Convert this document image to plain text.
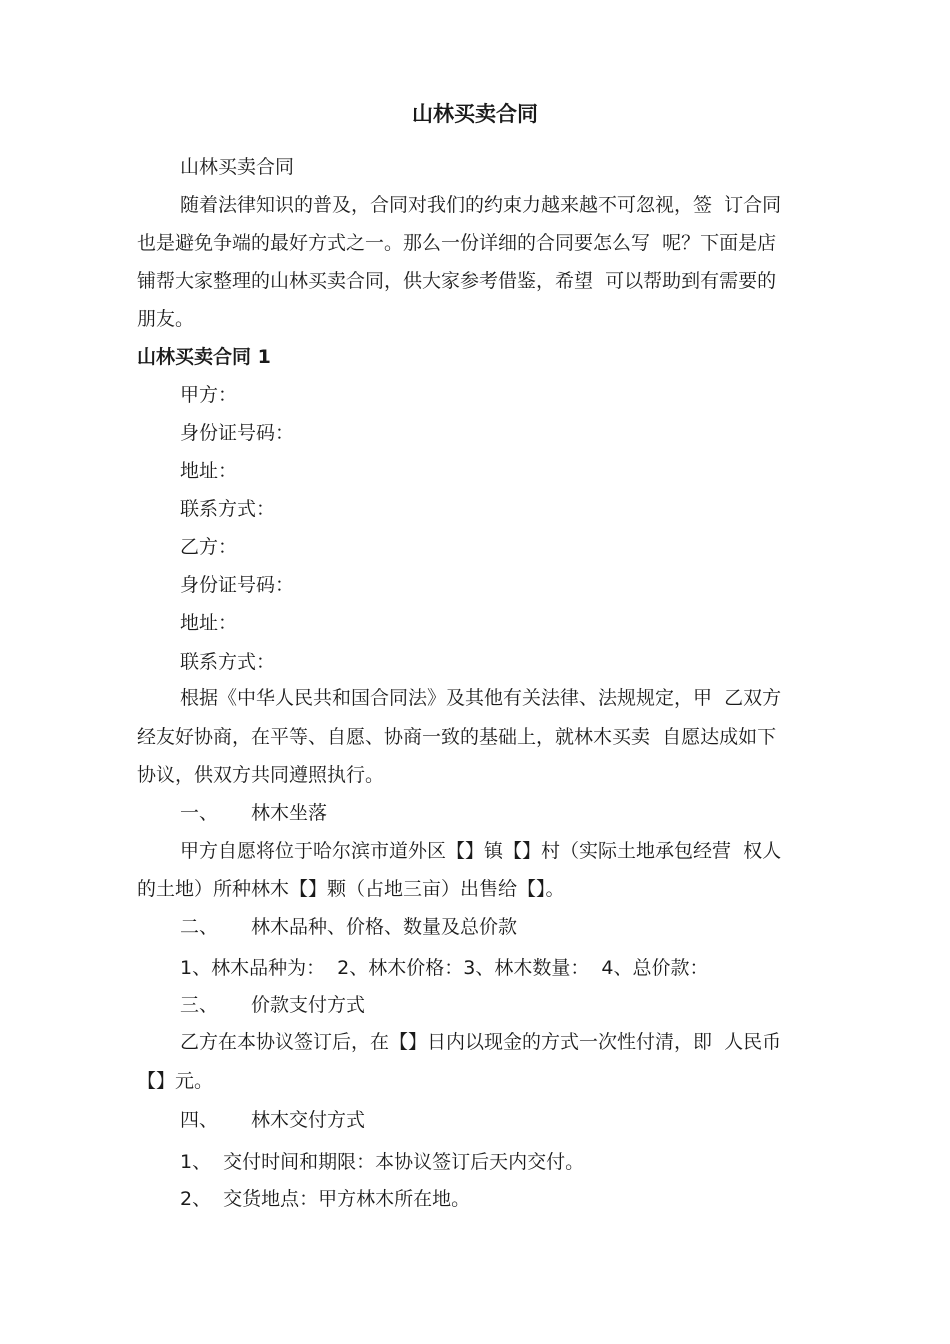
山林买卖合同
山林买卖合同
随着法律知识的普及，合同对我们的约束力越来越不可忽视，签  订合同
也是避免争端的最好方式之一。那么一份详细的合同要怎么写  呢？下面是店
铺帮大家整理的山林买卖合同，供大家参考借鉴，希望  可以帮助到有需要的
朋友。
山林买卖合同 1
甲方：
身份证号码：
地址：
联系方式：
乙方：
身份证号码：
地址：
联系方式：
根据《中华人民共和国合同法》及其他有关法律、法规规定，甲  乙双方
经友好协商，在平等、自愿、协商一致的基础上，就林木买卖  自愿达成如下
协议，供双方共同遵照执行。

一、

林木坐落

甲方自愿将位于哈尔滨市道外区【】镇【】村（实际土地承包经营  权人
的土地）所种林木【】颗（占地三亩）出售给【】。

二、

林木品种、价格、数量及总价款

1、林木品种为：  2、林木价格：3、林木数量：  4、总价款：

三、

价款支付方式

乙方在本协议签订后，在【】日内以现金的方式一次性付清，即  人民币
【】元。

四、

林木交付方式

1、  交付时间和期限：本协议签订后天内交付。
2、  交货地点：甲方林木所在地。
